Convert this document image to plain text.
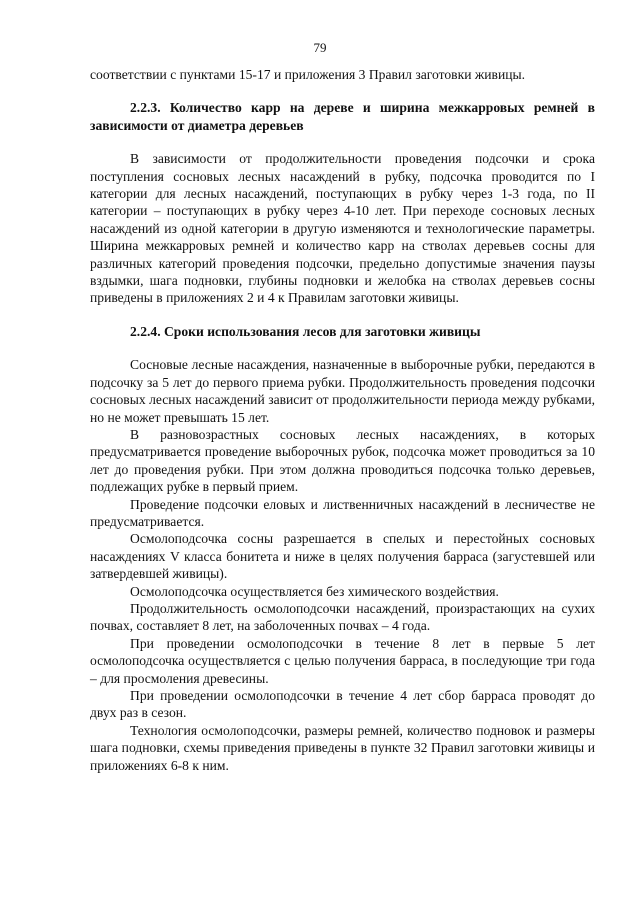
79

соответствии с пунктами 15-17 и приложения 3 Правил заготовки живицы.

2.2.3. Количество карр на дереве и ширина межкарровых ремней в зависимости от диаметра деревьев

В зависимости от продолжительности проведения подсочки и срока поступления сосновых лесных насаждений в рубку, подсочка проводится по I категории для лесных насаждений, поступающих в рубку через 1-3 года, по II категории – поступающих в рубку через 4-10 лет. При переходе сосновых лесных насаждений из одной категории в другую изменяются и технологические параметры. Ширина межкарровых ремней и количество карр на стволах деревьев сосны для различных категорий проведения подсочки, предельно допустимые значения паузы вздымки, шага подновки, глубины подновки и желобка на стволах деревьев сосны приведены в приложениях 2 и 4 к Правилам заготовки живицы.

2.2.4. Сроки использования лесов для заготовки живицы

Сосновые лесные насаждения, назначенные в выборочные рубки, передаются в подсочку за 5 лет до первого приема рубки. Продолжительность проведения подсочки сосновых лесных насаждений зависит от продолжительности периода между рубками, но не может превышать 15 лет.

В разновозрастных сосновых лесных насаждениях, в которых предусматривается проведение выборочных рубок, подсочка может проводиться за 10 лет до проведения рубки. При этом должна проводиться подсочка только деревьев, подлежащих рубке в первый прием.

Проведение подсочки еловых и лиственничных насаждений в лесничестве не предусматривается.

Осмолоподсочка сосны разрешается в спелых и перестойных сосновых насаждениях V класса бонитета и ниже в целях получения барраса (загустевшей или затвердевшей живицы).

Осмолоподсочка осуществляется без химического воздействия.

Продолжительность осмолоподсочки насаждений, произрастающих на сухих почвах, составляет 8 лет, на заболоченных почвах – 4 года.

При проведении осмолоподсочки в течение 8 лет в первые 5 лет осмолоподсочка осуществляется с целью получения барраса, в последующие три года – для просмоления древесины.

При проведении осмолоподсочки в течение 4 лет сбор барраса проводят до двух раз в сезон.

Технология осмолоподсочки, размеры ремней, количество подновок и размеры шага подновки, схемы приведения приведены в пункте 32 Правил заготовки живицы и приложениях 6-8 к ним.
